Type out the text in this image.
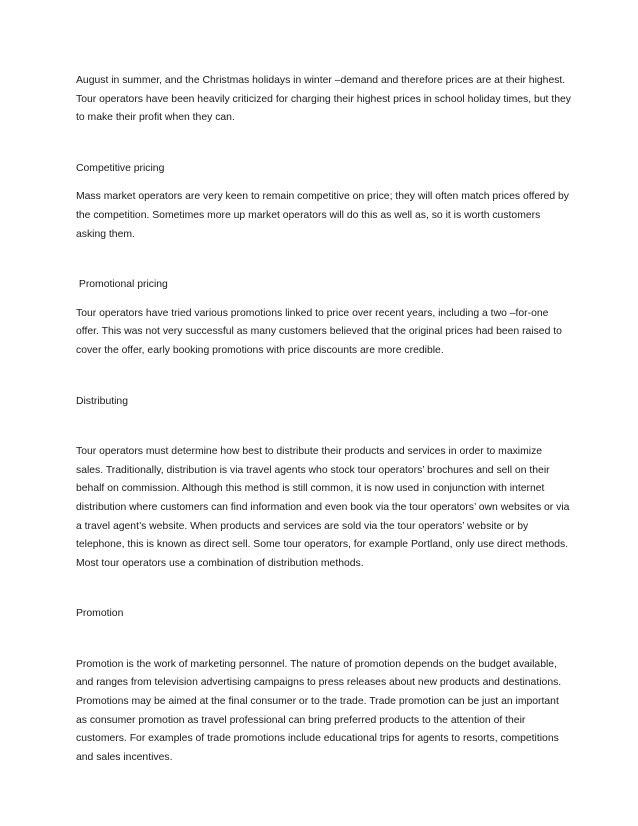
August in summer, and the Christmas holidays in winter –demand and therefore prices are at their highest. Tour operators have been heavily criticized for charging their highest prices in school holiday times, but they to make their profit when they can.

Competitive pricing

Mass market operators are very keen to remain competitive on price; they will often match prices offered by the competition. Sometimes more up market operators will do this as well as, so it is worth customers asking them.

Promotional pricing

Tour operators have tried various promotions linked to price over recent years, including a two –for-one offer. This was not very successful as many customers believed that the original prices had been raised to cover the offer, early booking promotions with price discounts are more credible.

Distributing

Tour operators must determine how best to distribute their products and services in order to maximize sales. Traditionally, distribution is via travel agents who stock tour operators’ brochures and sell on their behalf on commission. Although this method is still common, it is now used in conjunction with internet distribution where customers can find information and even book via the tour operators’ own websites or via a travel agent’s website. When products and services are sold via the tour operators’ website or by telephone, this is known as direct sell. Some tour operators, for example Portland, only use direct methods. Most tour operators use a combination of distribution methods.

Promotion

Promotion is the work of marketing personnel. The nature of promotion depends on the budget available, and ranges from television advertising campaigns to press releases about new products and destinations. Promotions may be aimed at the final consumer or to the trade. Trade promotion can be just an important as consumer promotion as travel professional can bring preferred products to the attention of their customers. For examples of trade promotions include educational trips for agents to resorts, competitions and sales incentives.
